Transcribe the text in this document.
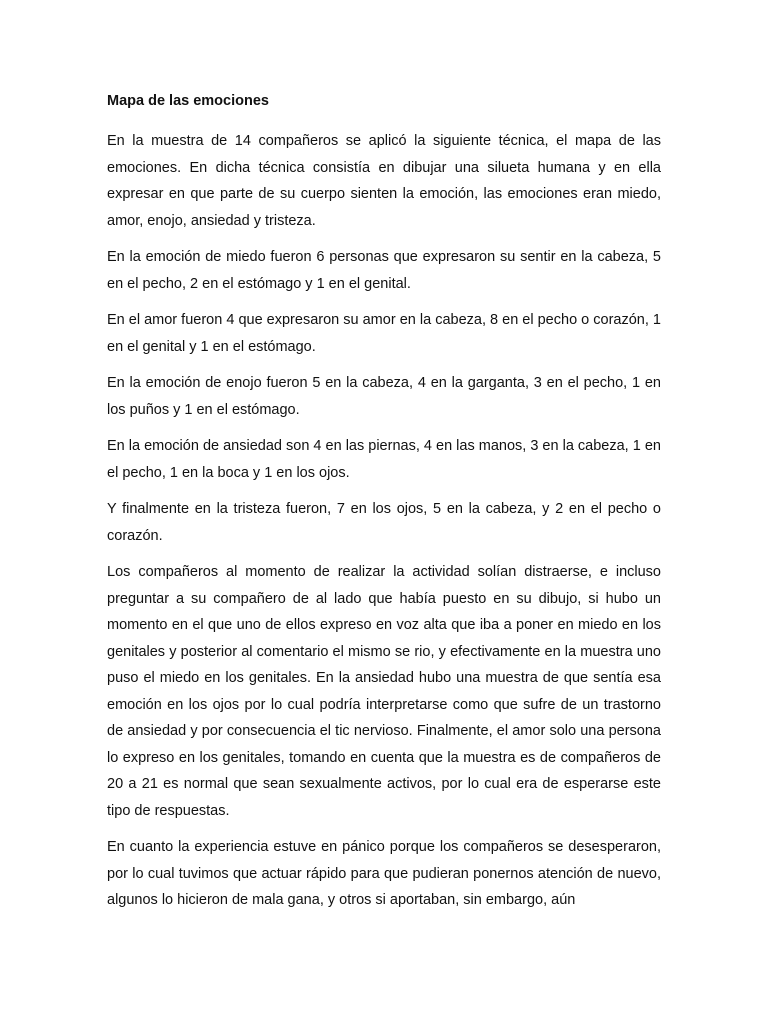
Mapa de las emociones

En la muestra de 14 compañeros se aplicó la siguiente técnica, el mapa de las emociones. En dicha técnica consistía en dibujar una silueta humana y en ella expresar en que parte de su cuerpo sienten la emoción, las emociones eran miedo, amor, enojo, ansiedad y tristeza.

En la emoción de miedo fueron 6 personas que expresaron su sentir en la cabeza, 5 en el pecho, 2 en el estómago y 1 en el genital.

En el amor fueron 4 que expresaron su amor en la cabeza, 8 en el pecho o corazón, 1 en el genital y 1 en el estómago.

En la emoción de enojo fueron 5 en la cabeza, 4 en la garganta, 3 en el pecho, 1 en los puños y 1 en el estómago.

En la emoción de ansiedad son 4 en las piernas, 4 en las manos, 3 en la cabeza, 1 en el pecho, 1 en la boca y 1 en los ojos.

Y finalmente en la tristeza fueron, 7 en los ojos, 5 en la cabeza, y 2 en el pecho o corazón.

Los compañeros al momento de realizar la actividad solían distraerse, e incluso preguntar a su compañero de al lado que había puesto en su dibujo, si hubo un momento en el que uno de ellos expreso en voz alta que iba a poner en miedo en los genitales y posterior al comentario el mismo se rio, y efectivamente en la muestra uno puso el miedo en los genitales. En la ansiedad hubo una muestra de que sentía esa emoción en los ojos por lo cual podría interpretarse como que sufre de un trastorno de ansiedad y por consecuencia el tic nervioso. Finalmente, el amor solo una persona lo expreso en los genitales, tomando en cuenta que la muestra es de compañeros de 20 a 21 es normal que sean sexualmente activos, por lo cual era de esperarse este tipo de respuestas.

En cuanto la experiencia estuve en pánico porque los compañeros se desesperaron, por lo cual tuvimos que actuar rápido para que pudieran ponernos atención de nuevo, algunos lo hicieron de mala gana, y otros si aportaban, sin embargo, aún
